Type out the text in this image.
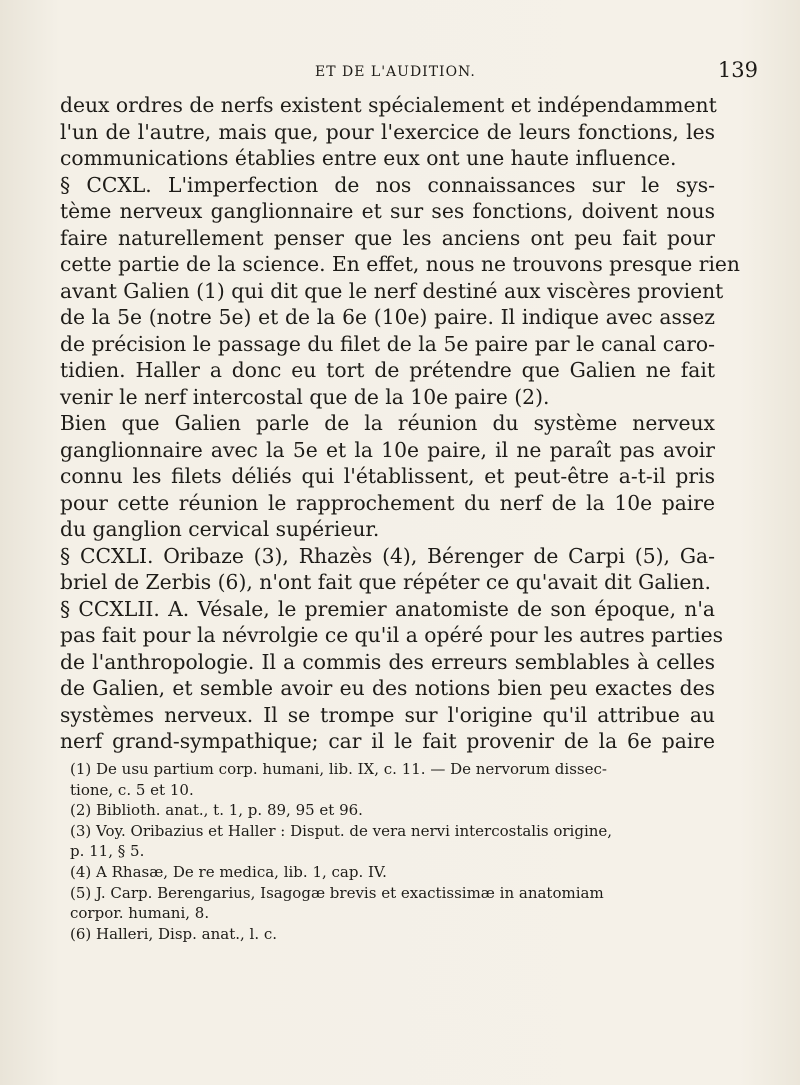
ET DE L'AUDITION.	139
deux ordres de nerfs existent spécialement et indépendamment
l'un de l'autre, mais que, pour l'exercice de leurs fonctions, les
communications établies entre eux ont une haute influence.
§ CCXL. L'imperfection de nos connaissances sur le sys-
tème nerveux ganglionnaire et sur ses fonctions, doivent nous
faire naturellement penser que les anciens ont peu fait pour
cette partie de la science. En effet, nous ne trouvons presque rien
avant Galien (1) qui dit que le nerf destiné aux viscères provient
de la 5e (notre 5e) et de la 6e (10e) paire. Il indique avec assez
de précision le passage du filet de la 5e paire par le canal caro-
tidien. Haller a donc eu tort de prétendre que Galien ne fait
venir le nerf intercostal que de la 10e paire (2).
Bien que Galien parle de la réunion du système nerveux
ganglionnaire avec la 5e et la 10e paire, il ne paraît pas avoir
connu les filets déliés qui l'établissent, et peut-être a-t-il pris
pour cette réunion le rapprochement du nerf de la 10e paire
du ganglion cervical supérieur.
§ CCXLI. Oribaze (3), Rhazès (4), Bérenger de Carpi (5), Ga-
briel de Zerbis (6), n'ont fait que répéter ce qu'avait dit Galien.
§ CCXLII. A. Vésale, le premier anatomiste de son époque, n'a
pas fait pour la névrolgie ce qu'il a opéré pour les autres parties
de l'anthropologie. Il a commis des erreurs semblables à celles
de Galien, et semble avoir eu des notions bien peu exactes des
systèmes nerveux. Il se trompe sur l'origine qu'il attribue au
nerf grand-sympathique; car il le fait provenir de la 6e paire
(1) De usu partium corp. humani, lib. IX, c. 11. — De nervorum dissec-
tione, c. 5 et 10.
(2) Biblioth. anat., t. 1, p. 89, 95 et 96.
(3) Voy. Oribazius et Haller : Disput. de vera nervi intercostalis origine,
p. 11, § 5.
(4) A Rhasæ, De re medica, lib. 1, cap. IV.
(5) J. Carp. Berengarius, Isagogæ brevis et exactissimæ in anatomiam
corpor. humani, 8.
(6) Halleri, Disp. anat., l. c.
